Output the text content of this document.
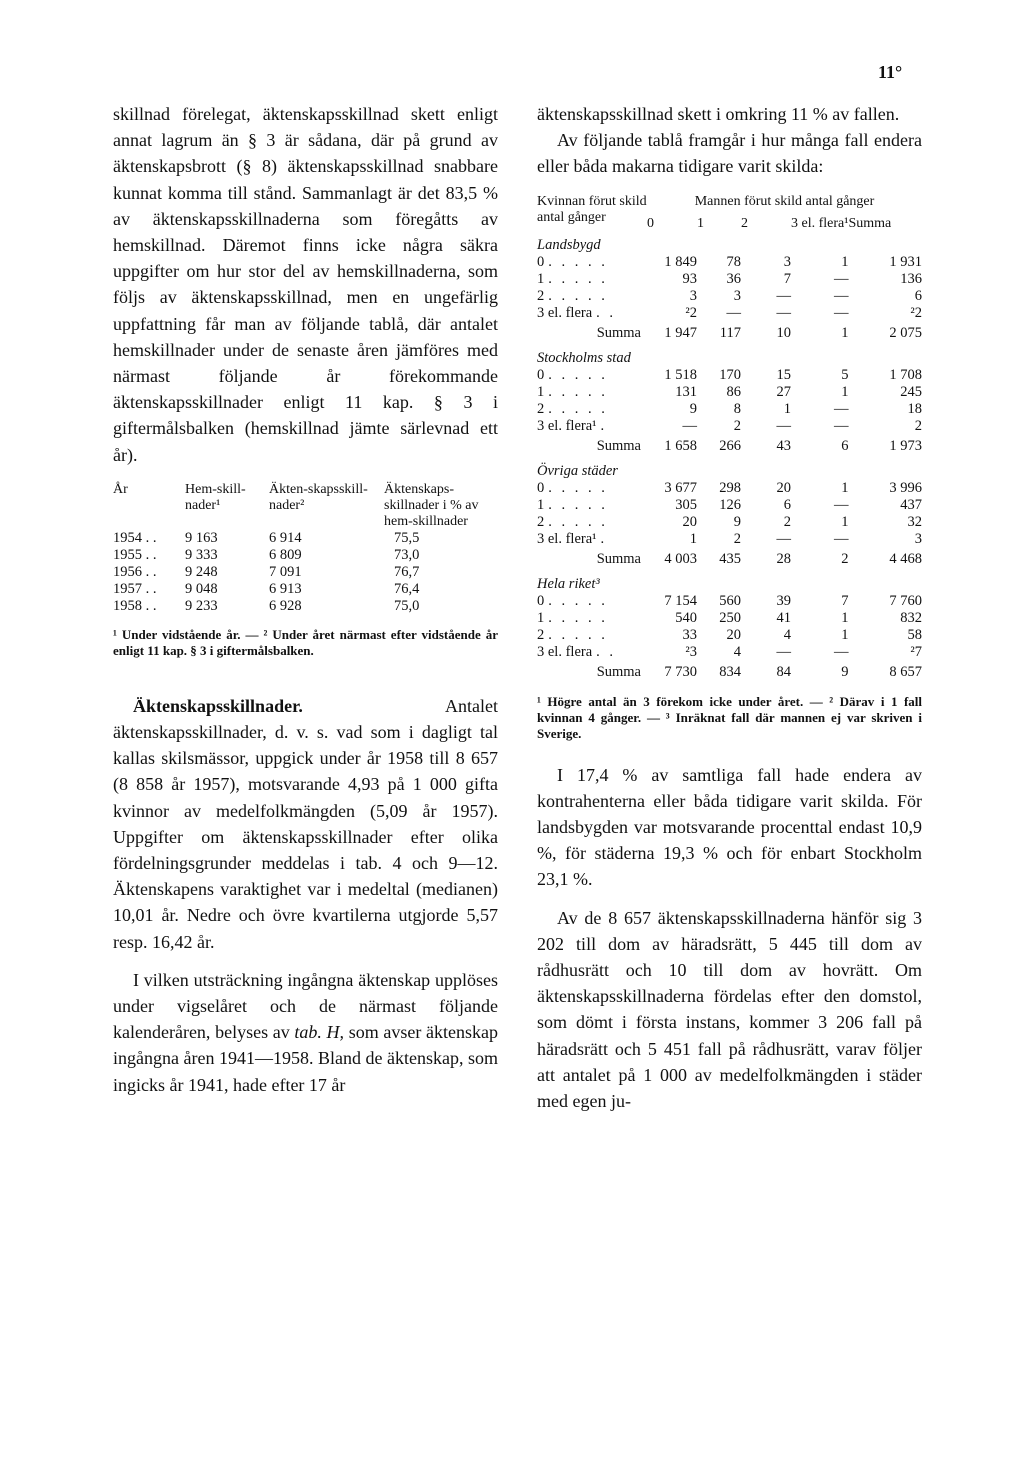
11°

skillnad förelegat, äktenskapsskillnad skett enligt annat lagrum än § 3 är sådana, där på grund av äktenskapsbrott (§ 8) äktenskapsskillnad snabbare kunnat komma till stånd. Sammanlagt är det 83,5 % av äktenskapsskillnaderna som föregåtts av hemskillnad. Däremot finns icke några säkra uppgifter om hur stor del av hemskillnaderna, som följs av äktenskapsskillnad, men en ungefärlig uppfattning får man av följande tablå, där antalet hemskillnader under de senaste åren jämföres med närmast följande år förekommande äktenskapsskillnader enligt 11 kap. § 3 i giftermålsbalken (hemskillnad jämte särlevnad ett år).

År	Hem-skill-nader¹	Äkten-skapsskill-nader²	Äktenskaps-skillnader i % av hem-skillnader
1954 . .	9 163	6 914	75,5
1955 . .	9 333	6 809	73,0
1956 . .	9 248	7 091	76,7
1957 . .	9 048	6 913	76,4
1958 . .	9 233	6 928	75,0

¹ Under vidstående år. — ² Under året närmast efter vidstående år enligt 11 kap. § 3 i giftermålsbalken.

Äktenskapsskillnader.	Antalet äktenskapsskillnader, d. v. s. vad som i dagligt tal kallas skilsmässor, uppgick under år 1958 till 8 657 (8 858 år 1957), motsvarande 4,93 på 1 000 gifta kvinnor av medelfolkmängden (5,09 år 1957). Uppgifter om äktenskapsskillnader efter olika fördelningsgrunder meddelas i tab. 4 och 9—12. Äktenskapens varaktighet var i medeltal (medianen) 10,01 år. Nedre och övre kvartilerna utgjorde 5,57 resp. 16,42 år.

I vilken utsträckning ingångna äktenskap upplöses under vigselåret och de närmast följande kalenderåren, belyses av tab. H, som avser äktenskap ingångna åren 1941—1958. Bland de äktenskap, som ingicks år 1941, hade efter 17 år

äktenskapsskillnad skett i omkring 11 % av fallen.

Av följande tablå framgår i hur många fall endera eller båda makarna tidigare varit skilda:

Kvinnan förut skild antal gånger	Mannen förut skild antal gånger				
	0	1	2	3 el. flera¹	Summa
Landsbygd					
0 . . . . .	1 849	78	3	1	1 931
1 . . . . .	93	36	7	—	136
2 . . . . .	3	3	—	—	6
3 el. flera . .	²2	—	—	—	²2
Summa	1 947	117	10	1	2 075
Stockholms stad					
0 . . . . .	1 518	170	15	5	1 708
1 . . . . .	131	86	27	1	245
2 . . . . .	9	8	1	—	18
3 el. flera¹ .	—	2	—	—	2
Summa	1 658	266	43	6	1 973
Övriga städer					
0 . . . . .	3 677	298	20	1	3 996
1 . . . . .	305	126	6	—	437
2 . . . . .	20	9	2	1	32
3 el. flera¹ .	1	2	—	—	3
Summa	4 003	435	28	2	4 468
Hela riket³					
0 . . . . .	7 154	560	39	7	7 760
1 . . . . .	540	250	41	1	832
2 . . . . .	33	20	4	1	58
3 el. flera . .	²3	4	—	—	²7
Summa	7 730	834	84	9	8 657

¹ Högre antal än 3 förekom icke under året. — ² Därav i 1 fall kvinnan 4 gånger. — ³ Inräknat fall där mannen ej var skriven i Sverige.

I 17,4 % av samtliga fall hade endera av kontrahenterna eller båda tidigare varit skilda. För landsbygden var motsvarande procenttal endast 10,9 %, för städerna 19,3 % och för enbart Stockholm 23,1 %.

Av de 8 657 äktenskapsskillnaderna hänför sig 3 202 till dom av häradsrätt, 5 445 till dom av rådhusrätt och 10 till dom av hovrätt. Om äktenskapsskillnaderna fördelas efter den domstol, som dömt i första instans, kommer 3 206 fall på häradsrätt och 5 451 fall på rådhusrätt, varav följer att antalet på 1 000 av medelfolkmängden i städer med egen ju-
